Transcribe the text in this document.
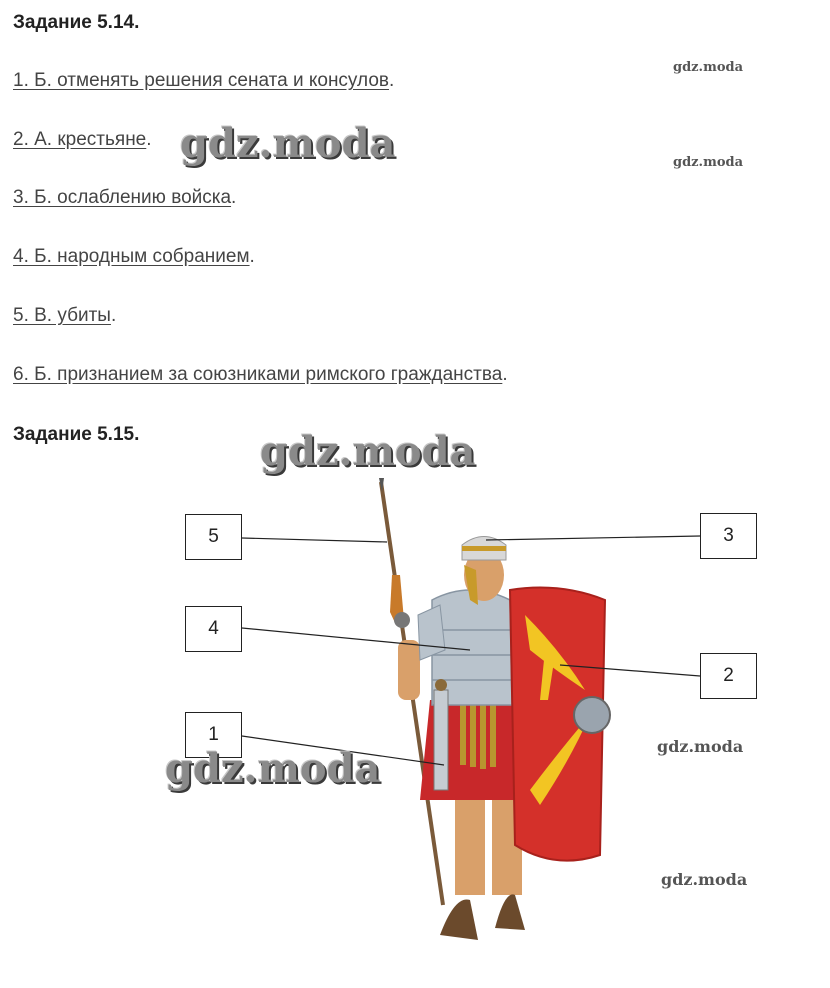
Задание 5.14.
1. Б. отменять решения сената и консулов.
2. А. крестьяне.
3. Б. ослаблению войска.
4. Б. народным собранием.
5. В. убиты.
6. Б. признанием за союзниками римского гражданства.
Задание 5.15.
5
4
1
3
2
gdz.moda
gdz.moda
gdz.moda
gdz.moda
gdz.moda
gdz.moda
gdz.moda
